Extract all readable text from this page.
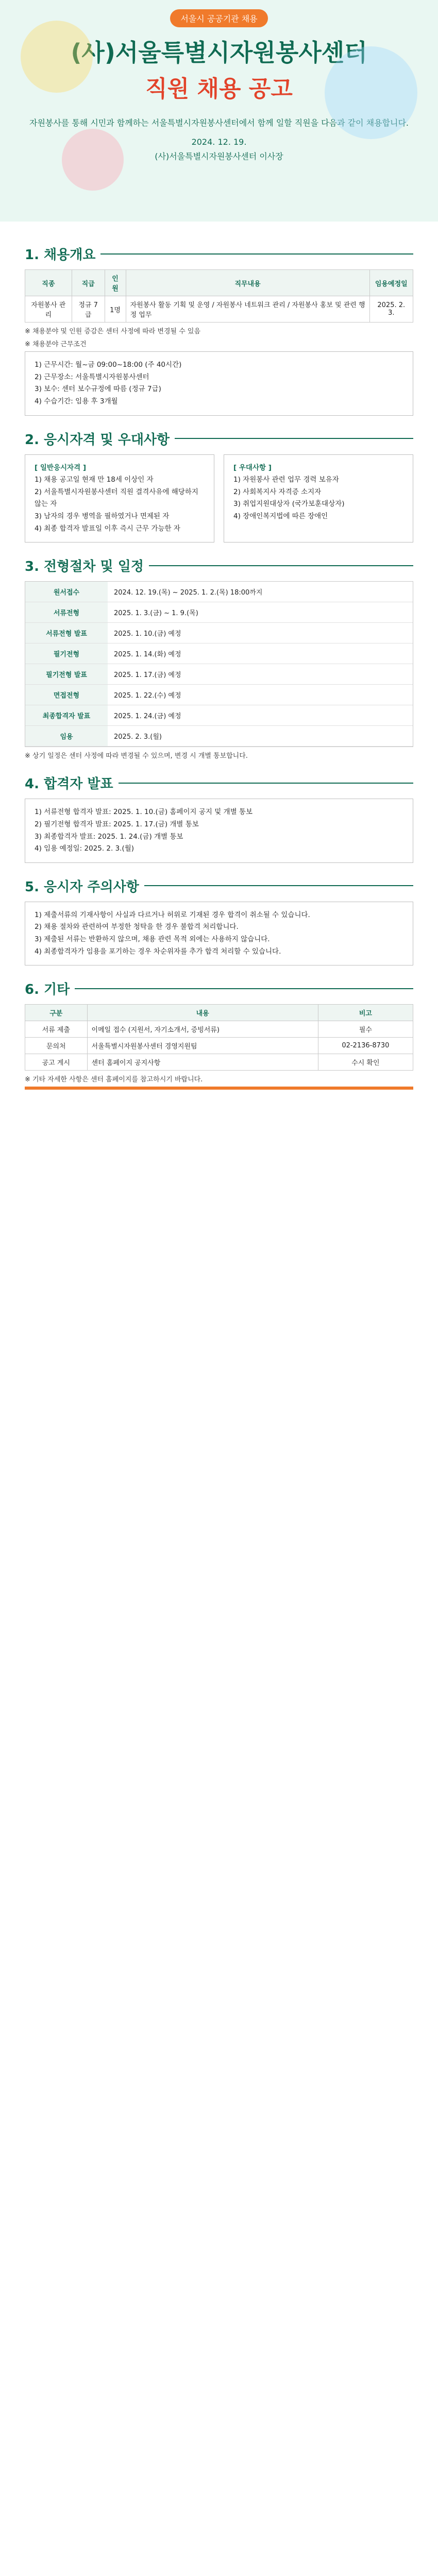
서울시 공공기관 채용
(사)서울특별시자원봉사센터
직원 채용 공고
자원봉사를 통해 시민과 함께하는 서울특별시자원봉사센터에서 함께 일할 직원을 다음과 같이 채용합니다.
2024. 12. 19.
(사)서울특별시자원봉사센터 이사장
1. 채용개요
직종	직급	인원	직무내용	임용예정일
자원봉사 관리	정규 7급	1명	자원봉사 활동 기획 및 운영 / 자원봉사 네트워크 관리 / 자원봉사 홍보 및 관련 행정 업무	2025. 2. 3.
※ 채용분야 및 인원 증감은 센터 사정에 따라 변경될 수 있음
※ 채용분야 근무조건
1) 근무시간: 월~금 09:00~18:00 (주 40시간)
2) 근무장소: 서울특별시자원봉사센터
3) 보수: 센터 보수규정에 따름 (정규 7급)
4) 수습기간: 임용 후 3개월
2. 응시자격 및 우대사항
[ 일반응시자격 ]
1) 채용 공고일 현재 만 18세 이상인 자
2) 서울특별시자원봉사센터 직원 결격사유에 해당하지 않는 자
3) 남자의 경우 병역을 필하였거나 면제된 자
4) 최종 합격자 발표일 이후 즉시 근무 가능한 자
[ 우대사항 ]
1) 자원봉사 관련 업무 경력 보유자
2) 사회복지사 자격증 소지자
3) 취업지원대상자 (국가보훈대상자)
4) 장애인복지법에 따른 장애인
3. 전형절차 및 일정
원서접수	2024. 12. 19.(목) ~ 2025. 1. 2.(목) 18:00까지
서류전형	2025. 1. 3.(금) ~ 1. 9.(목)
서류전형 발표	2025. 1. 10.(금) 예정
필기전형	2025. 1. 14.(화) 예정
필기전형 발표	2025. 1. 17.(금) 예정
면접전형	2025. 1. 22.(수) 예정
최종합격자 발표	2025. 1. 24.(금) 예정
임용	2025. 2. 3.(월)
※ 상기 일정은 센터 사정에 따라 변경될 수 있으며, 변경 시 개별 통보합니다.
4. 합격자 발표
1) 서류전형 합격자 발표: 2025. 1. 10.(금) 홈페이지 공지 및 개별 통보
2) 필기전형 합격자 발표: 2025. 1. 17.(금) 개별 통보
3) 최종합격자 발표: 2025. 1. 24.(금) 개별 통보
4) 임용 예정일: 2025. 2. 3.(월)
5. 응시자 주의사항
1) 제출서류의 기재사항이 사실과 다르거나 허위로 기재된 경우 합격이 취소될 수 있습니다.
2) 채용 절차와 관련하여 부정한 청탁을 한 경우 불합격 처리합니다.
3) 제출된 서류는 반환하지 않으며, 채용 관련 목적 외에는 사용하지 않습니다.
4) 최종합격자가 임용을 포기하는 경우 차순위자를 추가 합격 처리할 수 있습니다.
6. 기타
구분	내용	비고
서류 제출	이메일 접수 (지원서, 자기소개서, 증빙서류)	필수
문의처	서울특별시자원봉사센터 경영지원팀	02-2136-8730
공고 게시	센터 홈페이지 공지사항	수시 확인
※ 기타 자세한 사항은 센터 홈페이지를 참고하시기 바랍니다.
